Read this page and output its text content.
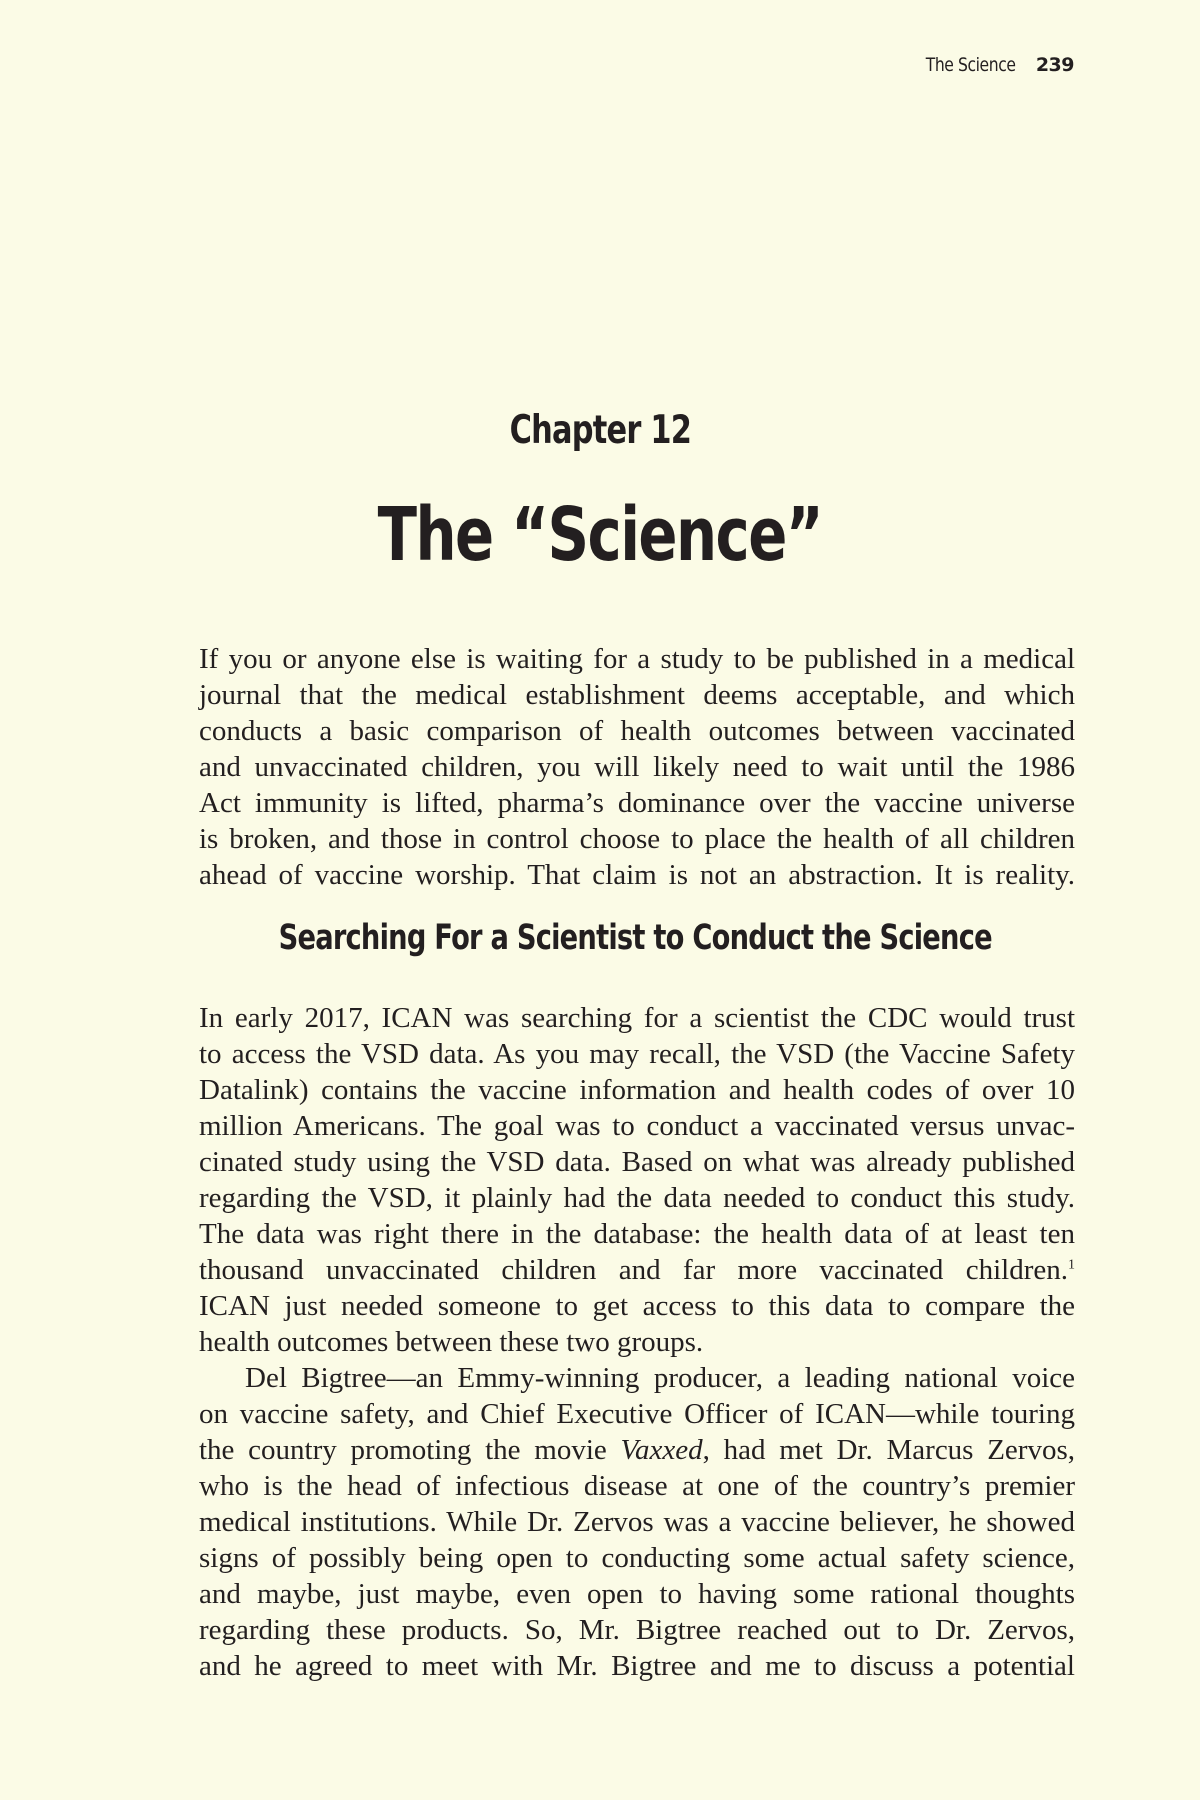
The Science 239
Chapter 12
The “Science”
If you or anyone else is waiting for a study to be published in a medical
journal that the medical establishment deems acceptable, and which
conducts a basic comparison of health outcomes between vaccinated
and unvaccinated children, you will likely need to wait until the 1986
Act immunity is lifted, pharma’s dominance over the vaccine universe
is broken, and those in control choose to place the health of all children
ahead of vaccine worship. That claim is not an abstraction. It is reality.
Searching For a Scientist to Conduct the Science
In early 2017, ICAN was searching for a scientist the CDC would trust
to access the VSD data. As you may recall, the VSD (the Vaccine Safety
Datalink) contains the vaccine information and health codes of over 10
million Americans. The goal was to conduct a vaccinated versus unvac-
cinated study using the VSD data. Based on what was already published
regarding the VSD, it plainly had the data needed to conduct this study.
The data was right there in the database: the health data of at least ten
thousand unvaccinated children and far more vaccinated children.$^1$
ICAN just needed someone to get access to this data to compare the
health outcomes between these two groups.
Del Bigtree—an Emmy-winning producer, a leading national voice
on vaccine safety, and Chief Executive Officer of ICAN—while touring
the country promoting the movie Vaxxed, had met Dr. Marcus Zervos,
who is the head of infectious disease at one of the country’s premier
medical institutions. While Dr. Zervos was a vaccine believer, he showed
signs of possibly being open to conducting some actual safety science,
and maybe, just maybe, even open to having some rational thoughts
regarding these products. So, Mr. Bigtree reached out to Dr. Zervos,
and he agreed to meet with Mr. Bigtree and me to discuss a potential
